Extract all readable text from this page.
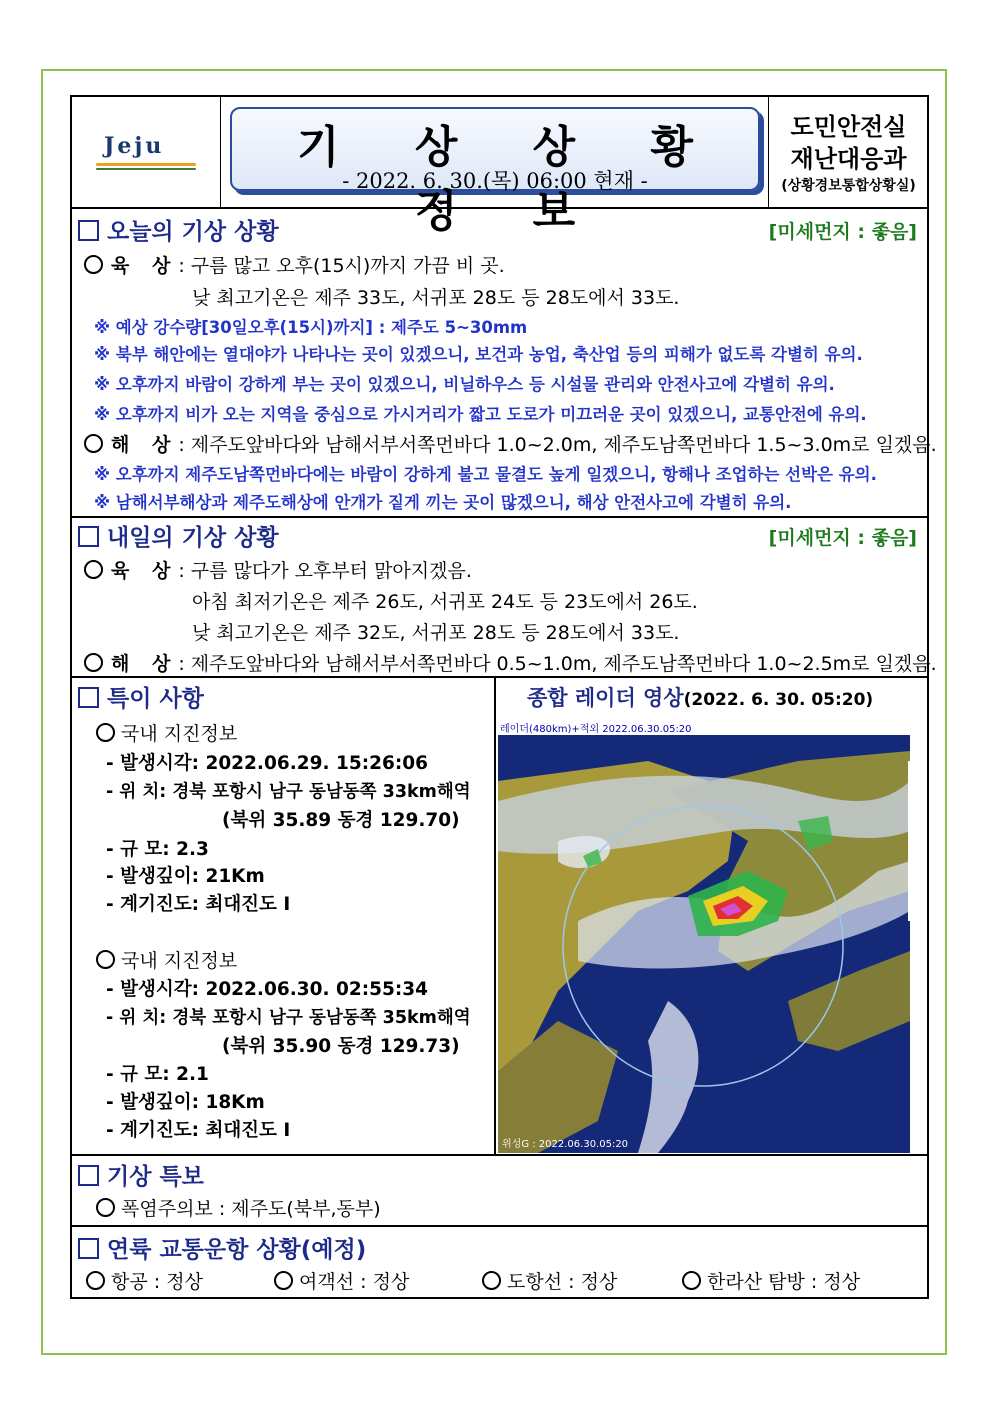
Jeju	기 상 상 황 정 보
- 2022. 6. 30.(목) 06:00 현재 -
도민안전실
재난대응과
(상황경보통합상황실)
오늘의 기상 상황	[미세먼지 : 좋음]
육 상: 구름 많고 오후(15시)까지 가끔 비 곳.
낮 최고기온은 제주 33도, 서귀포 28도 등 28도에서 33도.
※ 예상 강수량[30일오후(15시)까지] : 제주도 5~30mm
※ 북부 해안에는 열대야가 나타나는 곳이 있겠으니, 보건과 농업, 축산업 등의 피해가 없도록 각별히 유의.
※ 오후까지 바람이 강하게 부는 곳이 있겠으니, 비닐하우스 등 시설물 관리와 안전사고에 각별히 유의.
※ 오후까지 비가 오는 지역을 중심으로 가시거리가 짧고 도로가 미끄러운 곳이 있겠으니, 교통안전에 유의.
해 상: 제주도앞바다와 남해서부서쪽먼바다 1.0~2.0m, 제주도남쪽먼바다 1.5~3.0m로 일겠음.
※ 오후까지 제주도남쪽먼바다에는 바람이 강하게 불고 물결도 높게 일겠으니, 항해나 조업하는 선박은 유의.
※ 남해서부해상과 제주도해상에 안개가 짙게 끼는 곳이 많겠으니, 해상 안전사고에 각별히 유의.
내일의 기상 상황	[미세먼지 : 좋음]
육 상: 구름 많다가 오후부터 맑아지겠음.
아침 최저기온은 제주 26도, 서귀포 24도 등 23도에서 26도.
낮 최고기온은 제주 32도, 서귀포 28도 등 28도에서 33도.
해 상: 제주도앞바다와 남해서부서쪽먼바다 0.5~1.0m, 제주도남쪽먼바다 1.0~2.5m로 일겠음.
특이 사항
국내 지진정보
- 발생시각: 2022.06.29. 15:26:06
- 위 치: 경북 포항시 남구 동남동쪽 33km해역
(북위 35.89 동경 129.70)
- 규 모: 2.3
- 발생깊이: 21Km
- 계기진도: 최대진도 Ⅰ
국내 지진정보
- 발생시각: 2022.06.30. 02:55:34
- 위 치: 경북 포항시 남구 동남동쪽 35km해역
(북위 35.90 동경 129.73)
- 규 모: 2.1
- 발생깊이: 18Km
- 계기진도: 최대진도 Ⅰ
종합 레이더 영상(2022. 6. 30. 05:20)
레이더(480km)+적외 2022.06.30.05:20
위성G : 2022.06.30.05:20
기상 특보
폭염주의보 : 제주도(북부,동부)
연륙 교통운항 상황(예정)
항공 : 정상	여객선 : 정상	도항선 : 정상	한라산 탐방 : 정상
